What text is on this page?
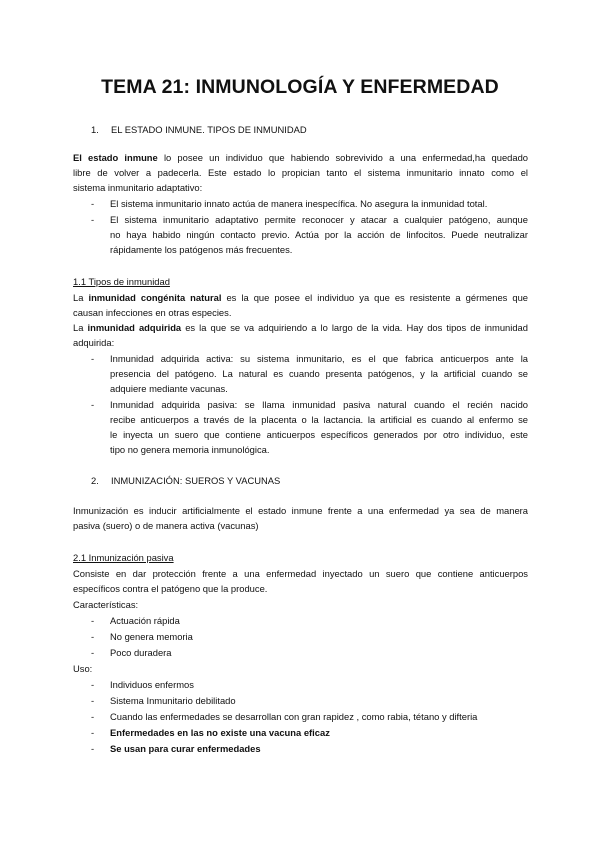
TEMA 21: INMUNOLOGÍA Y ENFERMEDAD
1. EL ESTADO INMUNE. TIPOS DE INMUNIDAD
El estado inmune lo posee un individuo que habiendo sobrevivido a una enfermedad,ha quedado
libre de volver a padecerla. Este estado lo propician tanto el sistema inmunitario innato como el
sistema inmunitario adaptativo:
- El sistema inmunitario innato actúa de manera inespecífica. No asegura la inmunidad total.
- El sistema inmunitario adaptativo permite reconocer y atacar a cualquier patógeno, aunque
no haya habido ningún contacto previo. Actúa por la acción de linfocitos. Puede neutralizar
rápidamente los patógenos más frecuentes.
1.1 Tipos de inmunidad
La inmunidad congénita natural es la que posee el individuo ya que es resistente a gérmenes que
causan infecciones en otras especies.
La inmunidad adquirida es la que se va adquiriendo a lo largo de la vida. Hay dos tipos de inmunidad
adquirida:
- Inmunidad adquirida activa: su sistema inmunitario, es el que fabrica anticuerpos ante la
presencia del patógeno. La natural es cuando presenta patógenos, y la artificial cuando se
adquiere mediante vacunas.
- Inmunidad adquirida pasiva: se llama inmunidad pasiva natural cuando el recién nacido
recibe anticuerpos a través de la placenta o la lactancia. la artificial es cuando al enfermo se
le inyecta un suero que contiene anticuerpos específicos generados por otro individuo, este
tipo no genera memoria inmunológica.
2. INMUNIZACIÓN: SUEROS Y VACUNAS
Inmunización es inducir artificialmente el estado inmune frente a una enfermedad ya sea de manera
pasiva (suero) o de manera activa (vacunas)
2.1 Inmunización pasiva
Consiste en dar protección frente a una enfermedad inyectado un suero que contiene anticuerpos
específicos contra el patógeno que la produce.
Características:
- Actuación rápida
- No genera memoria
- Poco duradera
Uso:
- Individuos enfermos
- Sistema Inmunitario debilitado
- Cuando las enfermedades se desarrollan con gran rapidez , como rabia, tétano y difteria
- Enfermedades en las no existe una vacuna eficaz
- Se usan para curar enfermedades
